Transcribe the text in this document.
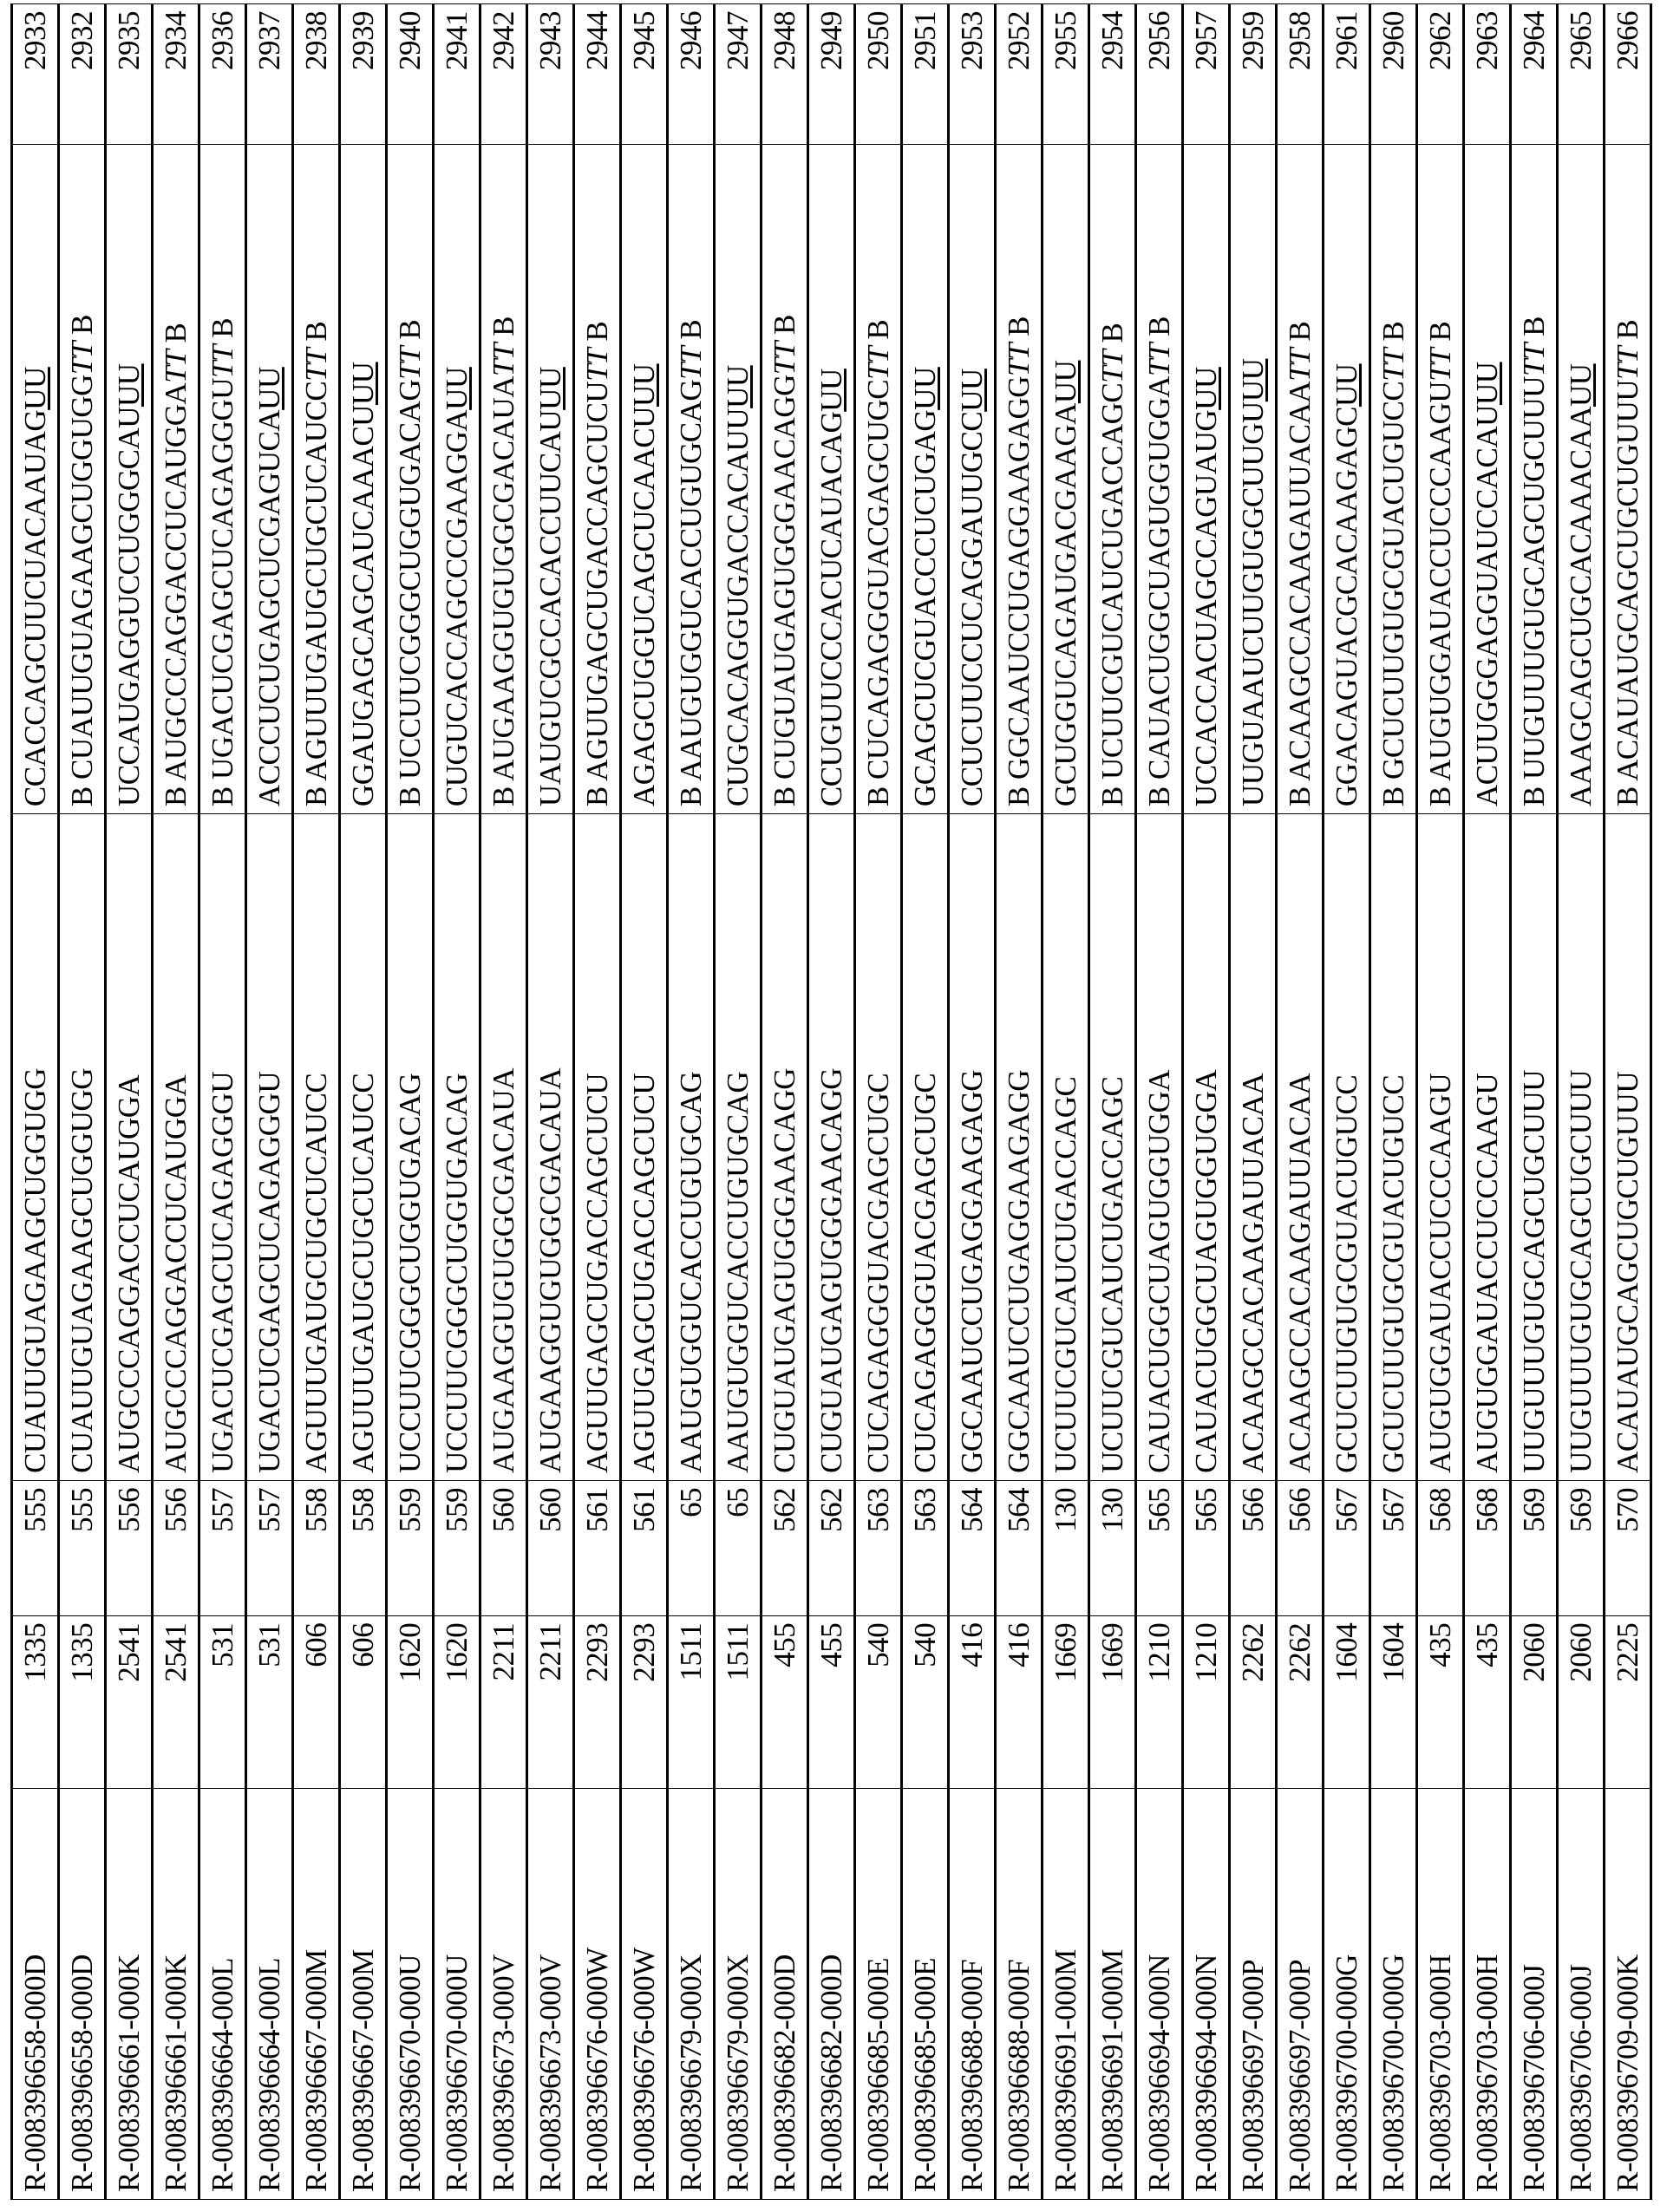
R-008396658-000D	1335	555	CUAUUGUAGAAGCUGGUGG	CCACCAGCUUCUACAAUAGUU	2933
R-008396658-000D	1335	555	CUAUUGUAGAAGCUGGUGG	B CUAUUGUAGAAGCUGGUGGTT B	2932
R-008396661-000K	2541	556	AUGCCCAGGACCUCAUGGA	UCCAUGAGGUCCUGGGCAUUU	2935
R-008396661-000K	2541	556	AUGCCCAGGACCUCAUGGA	B AUGCCCAGGACCUCAUGGATT B	2934
R-008396664-000L	531	557	UGACUCGAGCUCAGAGGGU	B UGACUCGAGCUCAGAGGGUTT B	2936
R-008396664-000L	531	557	UGACUCGAGCUCAGAGGGU	ACCCUCUGAGCUCGAGUCAUU	2937
R-008396667-000M	606	558	AGUUUGAUGCUGCUCAUCC	B AGUUUGAUGCUGCUCAUCCTT B	2938
R-008396667-000M	606	558	AGUUUGAUGCUGCUCAUCC	GGAUGAGCAGCAUCAAACUUU	2939
R-008396670-000U	1620	559	UCCUUCGGGCUGGUGACAG	B UCCUUCGGGCUGGUGACAGTT B	2940
R-008396670-000U	1620	559	UCCUUCGGGCUGGUGACAG	CUGUCACCAGCCCGAAGGAUU	2941
R-008396673-000V	2211	560	AUGAAGGUGUGGCGACAUA	B AUGAAGGUGUGGCGACAUATT B	2942
R-008396673-000V	2211	560	AUGAAGGUGUGGCGACAUA	UAUGUCGCCACACCUUCAUUU	2943
R-008396676-000W	2293	561	AGUUGAGCUGACCAGCUCU	B AGUUGAGCUGACCAGCUCUTT B	2944
R-008396676-000W	2293	561	AGUUGAGCUGACCAGCUCU	AGAGCUGGUCAGCUCAACUUU	2945
R-008396679-000X	1511	65	AAUGUGGUCACCUGUGCAG	B AAUGUGGUCACCUGUGCAGTT B	2946
R-008396679-000X	1511	65	AAUGUGGUCACCUGUGCAG	CUGCACAGGUGACCACAUUUU	2947
R-008396682-000D	455	562	CUGUAUGAGUGGGAACAGG	B CUGUAUGAGUGGGAACAGGTT B	2948
R-008396682-000D	455	562	CUGUAUGAGUGGGAACAGG	CCUGUUCCCACUCAUACAGUU	2949
R-008396685-000E	540	563	CUCAGAGGGUACGAGCUGC	B CUCAGAGGGUACGAGCUGCTT B	2950
R-008396685-000E	540	563	CUCAGAGGGUACGAGCUGC	GCAGCUCGUACCCUCUGAGUU	2951
R-008396688-000F	416	564	GGCAAUCCUGAGGAAGAGG	CCUCUUCCUCAGGAUUGCCUU	2953
R-008396688-000F	416	564	GGCAAUCCUGAGGAAGAGG	B GGCAAUCCUGAGGAAGAGGTT B	2952
R-008396691-000M	1669	130	UCUUCGUCAUCUGACCAGC	GCUGGUCAGAUGACGAAGAUU	2955
R-008396691-000M	1669	130	UCUUCGUCAUCUGACCAGC	B UCUUCGUCAUCUGACCAGCTT B	2954
R-008396694-000N	1210	565	CAUACUGGCUAGUGGUGGA	B CAUACUGGCUAGUGGUGGATT B	2956
R-008396694-000N	1210	565	CAUACUGGCUAGUGGUGGA	UCCACCACUAGCCAGUAUGUU	2957
R-008396697-000P	2262	566	ACAAGCCACAAGAUUACAA	UUGUAAUCUUGUGGCUUGUUU	2959
R-008396697-000P	2262	566	ACAAGCCACAAGAUUACAA	B ACAAGCCACAAGAUUACAATT B	2958
R-008396700-000G	1604	567	GCUCUUGUGCGUACUGUCC	GGACAGUACGCACAAGAGCUU	2961
R-008396700-000G	1604	567	GCUCUUGUGCGUACUGUCC	B GCUCUUGUGCGUACUGUCCTT B	2960
R-008396703-000H	435	568	AUGUGGAUACCUCCCAAGU	B AUGUGGAUACCUCCCAAGUTT B	2962
R-008396703-000H	435	568	AUGUGGAUACCUCCCAAGU	ACUUGGGAGGUAUCCACAUUU	2963
R-008396706-000J	2060	569	UUGUUUGUGCAGCUGCUUU	B UUGUUUGUGCAGCUGCUUUTT B	2964
R-008396706-000J	2060	569	UUGUUUGUGCAGCUGCUUU	AAAGCAGCUGCACAAACAAUU	2965
R-008396709-000K	2225	570	ACAUAUGCAGCUGCUGUUU	B ACAUAUGCAGCUGCUGUUUTT B	2966
